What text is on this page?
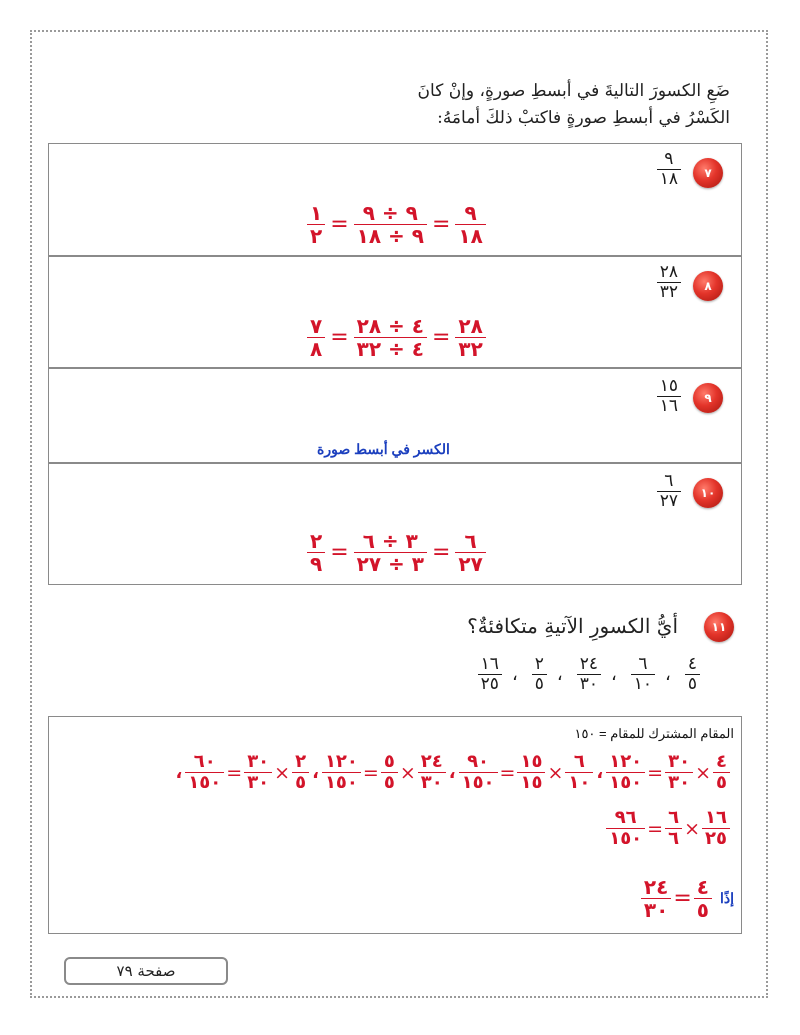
ضَعِ الكسورَ التاليةَ في أبسطِ صورةٍ، وإنْ كانَ
الكَسْرُ في أبسطِ صورةٍ فاكتبْ ذلكَ أمامَهُ:
٧
$\frac{٩}{١٨}$
$\frac{١}{٢} = \frac{٩ \div ٩}{٩ \div ١٨} = \frac{٩}{١٨}$
٨
$\frac{٢٨}{٣٢}$
$\frac{٧}{٨} = \frac{٤ \div ٢٨}{٤ \div ٣٢} = \frac{٢٨}{٣٢}$
٩
$\frac{١٥}{١٦}$
الكسر في أبسط صورة
١٠
$\frac{٦}{٢٧}$
$\frac{٢}{٩} = \frac{٣ \div ٦}{٣ \div ٢٧} = \frac{٦}{٢٧}$
١١
أيُّ الكسورِ الآتيةِ متكافئةٌ؟
$\frac{٤}{٥}$
،
$\frac{٦}{١٠}$
،
$\frac{٢٤}{٣٠}$
،
$\frac{٢}{٥}$
،
$\frac{١٦}{٢٥}$
المقام المشترك للمقام = ١٥٠
، $\frac{٦٠}{١٥٠} = \frac{٣٠}{٣٠} \times \frac{٢}{٥}$ ، $\frac{١٢٠}{١٥٠} = \frac{٥}{٥} \times \frac{٢٤}{٣٠}$ ، $\frac{٩٠}{١٥٠} = \frac{١٥}{١٥} \times \frac{٦}{١٠}$ ، $\frac{١٢٠}{١٥٠} = \frac{٣٠}{٣٠} \times \frac{٤}{٥}$
$\frac{٩٦}{١٥٠} = \frac{٦}{٦} \times \frac{١٦}{٢٥}$
$\frac{٢٤}{٣٠} = \frac{٤}{٥}$ إذًا
صفحة ٧٩
